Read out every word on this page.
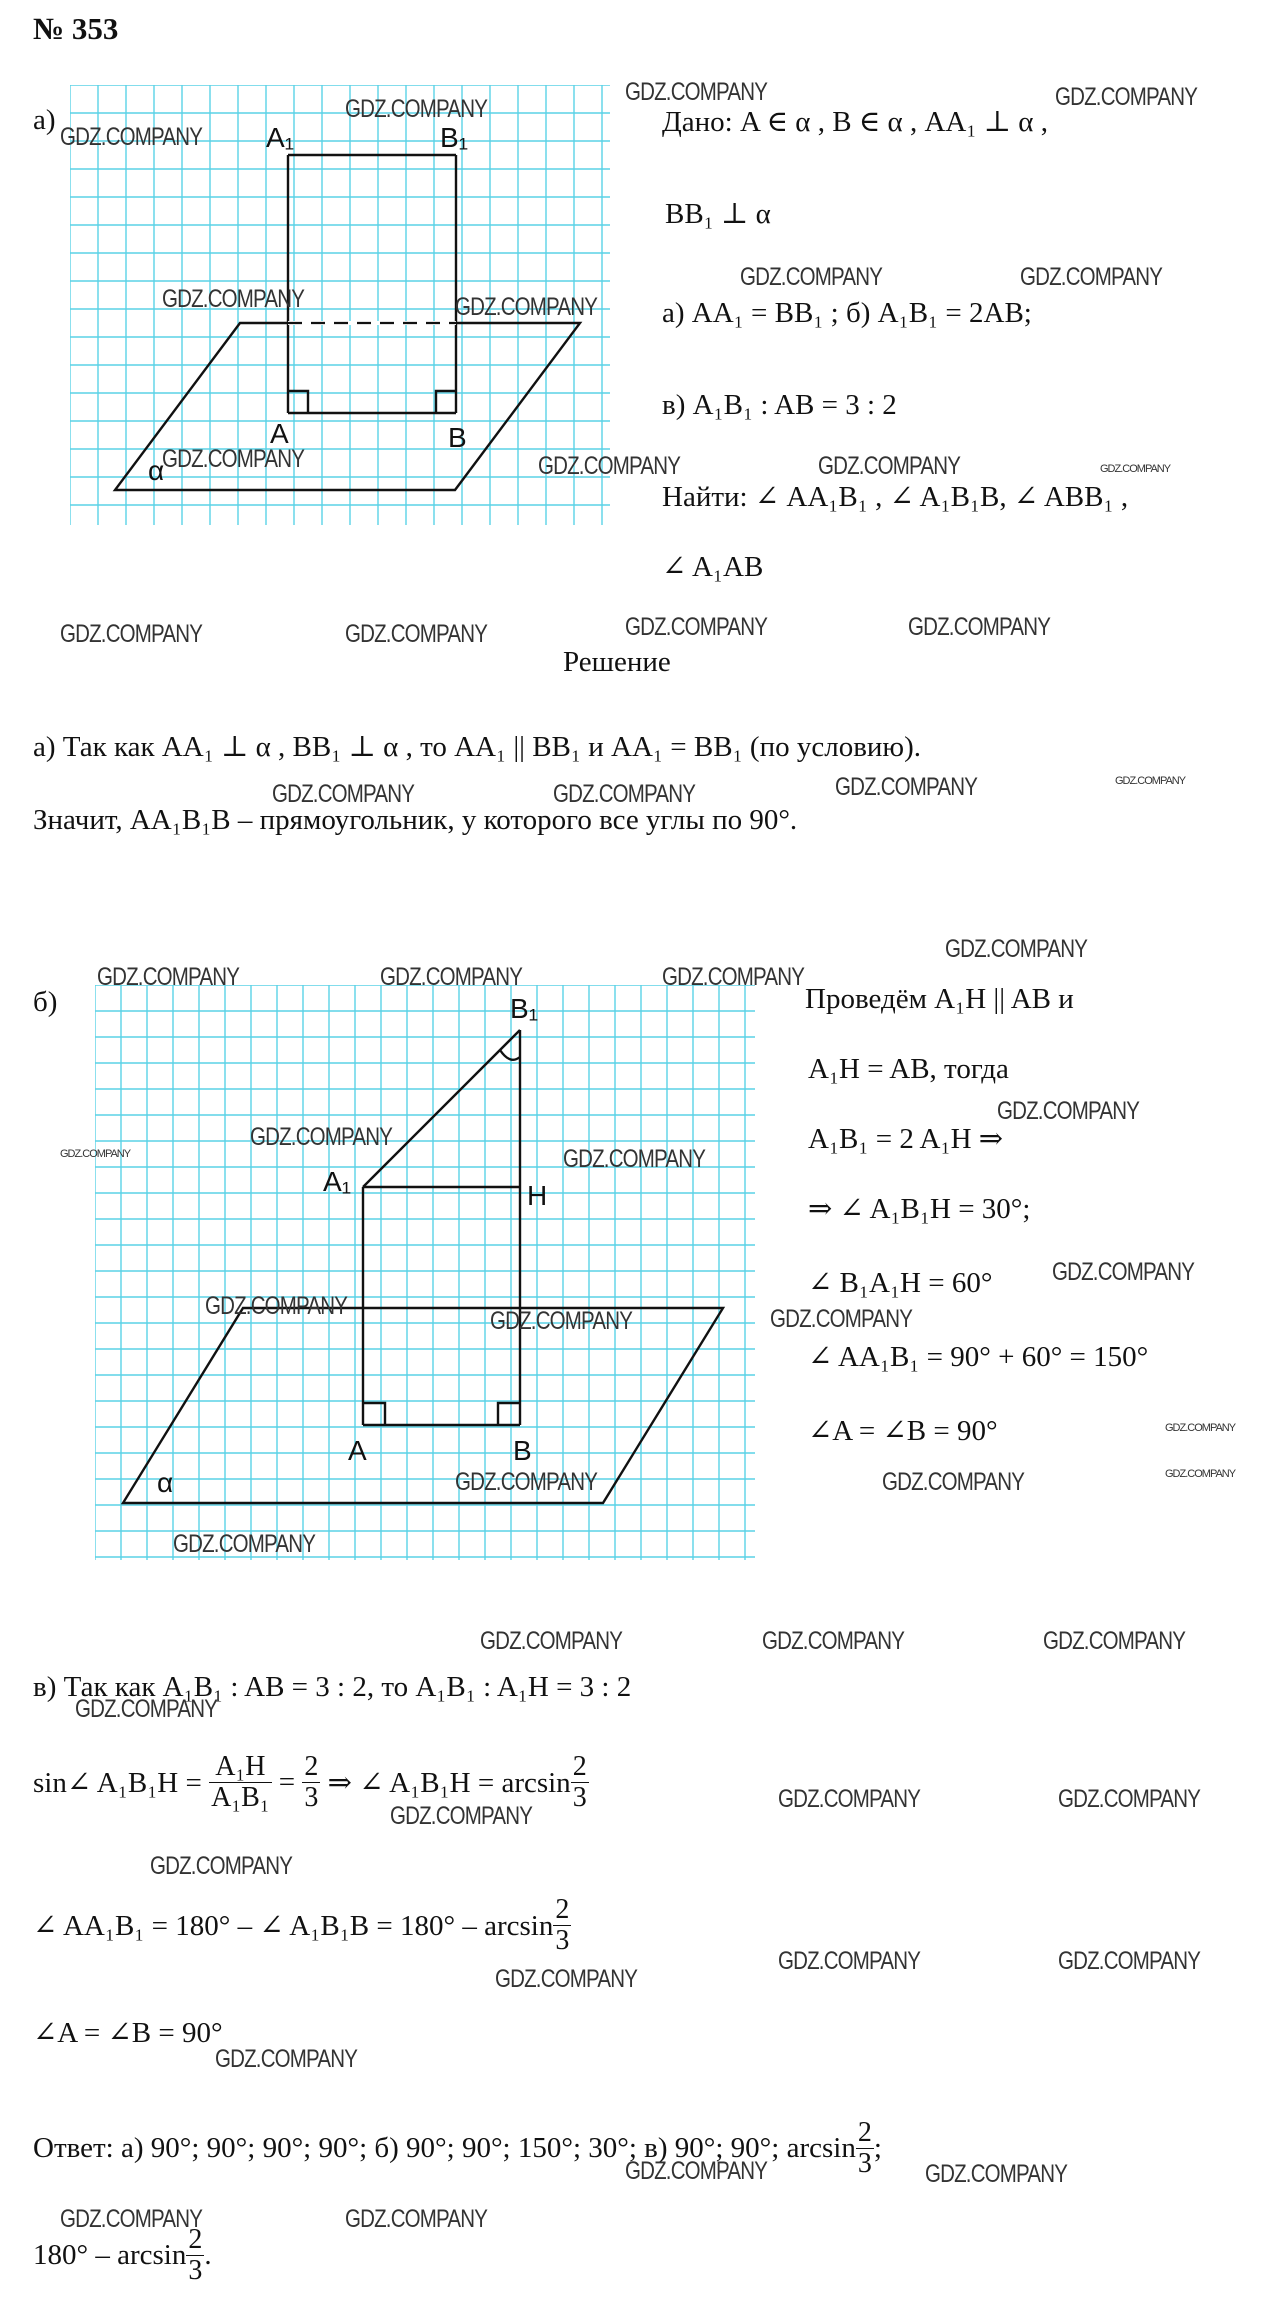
№ 353
а)
A₁	B₁
A	B
α
Дано: A ∈ α , B ∈ α , AA₁ ⊥ α ,
BB₁ ⊥ α
а) AA₁ = BB₁ ; б) A₁B₁ = 2AB;
в) A₁B₁ : AB = 3 : 2
Найти: ∠ AA₁B₁ , ∠ A₁B₁B, ∠ ABB₁ ,
∠ A₁AB
Решение
а) Так как AA₁ ⊥ α , BB₁ ⊥ α , то AA₁ || BB₁ и AA₁ = BB₁ (по условию).
Значит, AA₁B₁B – прямоугольник, у которого все углы по 90°.
б)	B₁
A₁	H
A	B
α
Проведём A₁H || AB и
A₁H = AB, тогда
A₁B₁ = 2 A₁H ⇒
⇒ ∠ A₁B₁H = 30°;
∠ B₁A₁H = 60°
∠ AA₁B₁ = 90° + 60° = 150°
∠A = ∠B = 90°
в) Так как A₁B₁ : AB = 3 : 2, то A₁B₁ : A₁H = 3 : 2
sin∠ $A_1B_1H = \frac{\text{A₁H}}{\text{A₁B₁}} = \frac{2}{3}$ ⇒ ∠ $A_1B_1H = \arcsin \frac{2}{3}$
∠ AA₁B₁ = 180° – ∠ $A_1B_1B = 180^\circ - \arcsin \frac{2}{3}$
∠A = ∠B = 90°
Ответ: а) 90°; 90°; 90°; 90°; б) 90°; 90°; 150°; 30°; в) 90°; 90°; $\arcsin \frac{2}{3}$ ;
$180^\circ - \arcsin \frac{2}{3}$ .
GDZ.COMPANY
GDZ.COMPANY
GDZ.COMPANY	GDZ.COMPANY
GDZ.COMPANY	GDZ.COMPANY
GDZ.COMPANY	GDZ.COMPANY
GDZ.COMPANY	GDZ.COMPANY	GDZ.COMPANY	GDZ.COMPANY
GDZ.COMPANY	GDZ.COMPANY	GDZ.COMPANY	GDZ.COMPANY
GDZ.COMPANY	GDZ.COMPANY	GDZ.COMPANY	GDZ.COMPANY
GDZ.COMPANY
GDZ.COMPANY	GDZ.COMPANY	GDZ.COMPANY
GDZ.COMPANY
GDZ.COMPANY
GDZ.COMPANY
GDZ.COMPANY
GDZ.COMPANY
GDZ.COMPANY	GDZ.COMPANY
GDZ.COMPANY
GDZ.COMPANY
GDZ.COMPANY
GDZ.COMPANY	GDZ.COMPANY
GDZ.COMPANY
GDZ.COMPANY	GDZ.COMPANY	GDZ.COMPANY
GDZ.COMPANY
GDZ.COMPANY	GDZ.COMPANY
GDZ.COMPANY
GDZ.COMPANY
GDZ.COMPANY	GDZ.COMPANY
GDZ.COMPANY
GDZ.COMPANY
GDZ.COMPANY	GDZ.COMPANY
GDZ.COMPANY	GDZ.COMPANY
